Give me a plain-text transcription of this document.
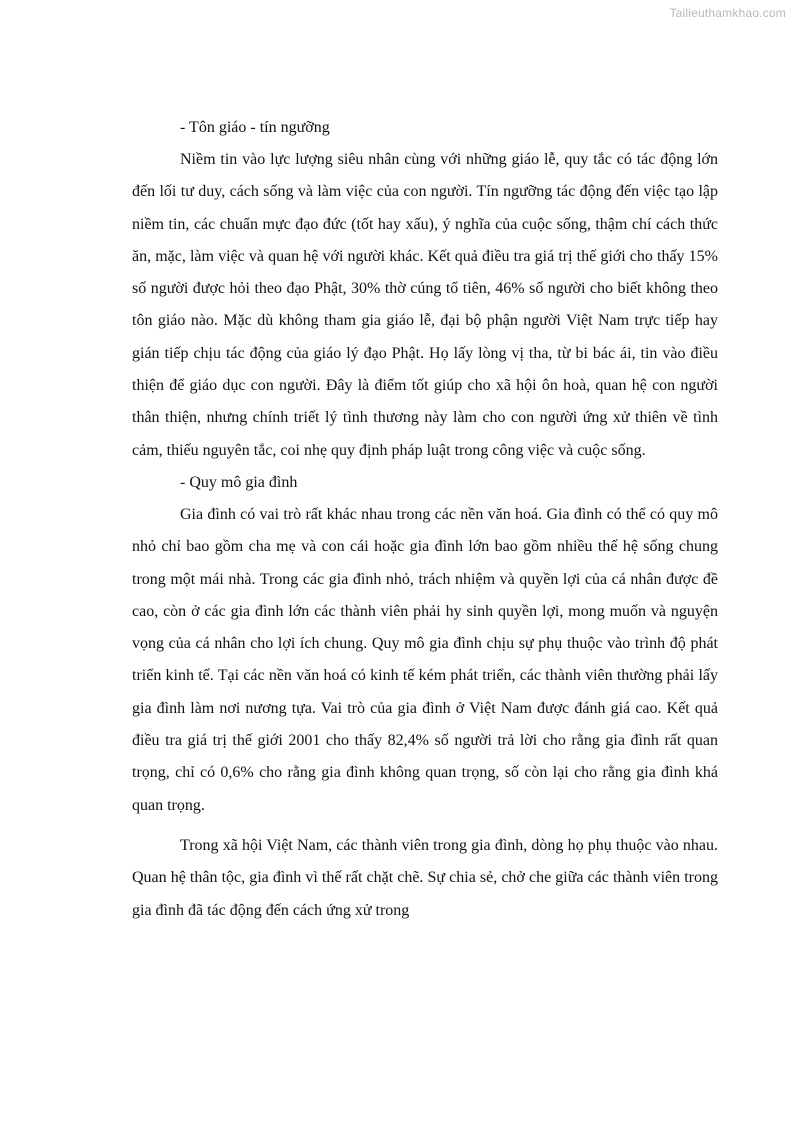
Tailieuthamkhao.com

- Tôn giáo - tín ngưỡng

Niềm tin vào lực lượng siêu nhân cùng với những giáo lễ, quy tắc có tác động lớn đến lối tư duy, cách sống và làm việc của con người. Tín ngưỡng tác động đến việc tạo lập niềm tin, các chuẩn mực đạo đức (tốt hay xấu), ý nghĩa của cuộc sống, thậm chí cách thức ăn, mặc, làm việc và quan hệ với người khác. Kết quả điều tra giá trị thế giới cho thấy 15% số người được hỏi theo đạo Phật, 30% thờ cúng tổ tiên, 46% số người cho biết không theo tôn giáo nào. Mặc dù không tham gia giáo lễ, đại bộ phận người Việt Nam trực tiếp hay gián tiếp chịu tác động của giáo lý đạo Phật. Họ lấy lòng vị tha, từ bi bác ái, tin vào điều thiện để giáo dục con người. Đây là điểm tốt giúp cho xã hội ôn hoà, quan hệ con người thân thiện, nhưng chính triết lý tình thương này làm cho con người ứng xử thiên về tình cảm, thiếu nguyên tắc, coi nhẹ quy định pháp luật trong công việc và cuộc sống.

- Quy mô gia đình

Gia đình có vai trò rất khác nhau trong các nền văn hoá. Gia đình có thể có quy mô nhỏ chỉ bao gồm cha mẹ và con cái hoặc gia đình lớn bao gồm nhiều thế hệ sống chung trong một mái nhà. Trong các gia đình nhỏ, trách nhiệm và quyền lợi của cá nhân được đề cao, còn ở các gia đình lớn các thành viên phải hy sinh quyền lợi, mong muốn và nguyện vọng của cá nhân cho lợi ích chung. Quy mô gia đình chịu sự phụ thuộc vào trình độ phát triển kinh tế. Tại các nền văn hoá có kinh tế kém phát triển, các thành viên thường phải lấy gia đình làm nơi nương tựa. Vai trò của gia đình ở Việt Nam được đánh giá cao. Kết quả điều tra giá trị thế giới 2001 cho thấy 82,4% số người trả lời cho rằng gia đình rất quan trọng, chỉ có 0,6% cho rằng gia đình không quan trọng, số còn lại cho rằng gia đình khá quan trọng.

Trong xã hội Việt Nam, các thành viên trong gia đình, dòng họ phụ thuộc vào nhau. Quan hệ thân tộc, gia đình vì thế rất chặt chẽ. Sự chia sẻ, chở che giữa các thành viên trong gia đình đã tác động đến cách ứng xử trong
